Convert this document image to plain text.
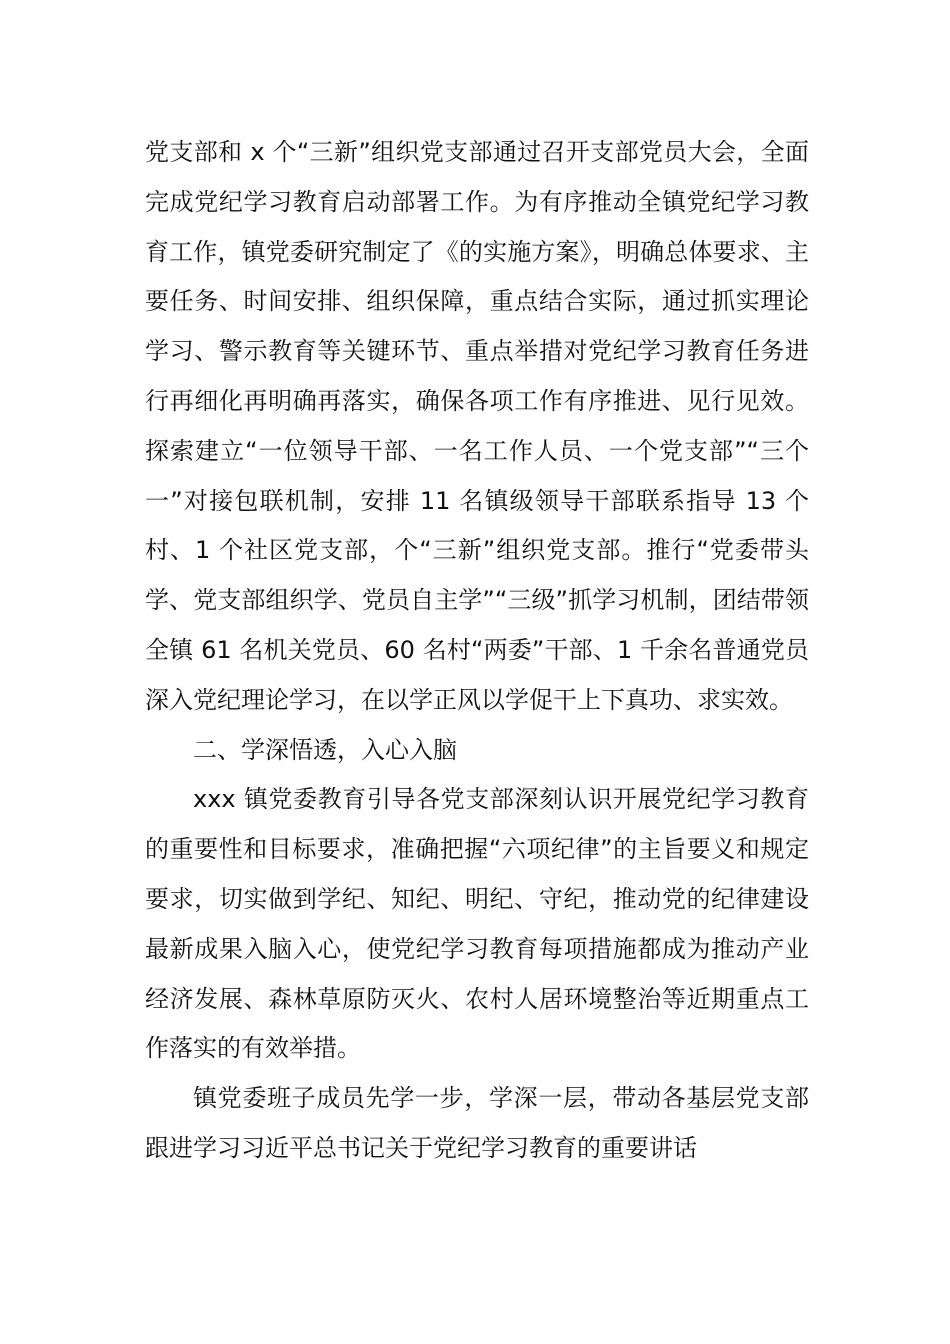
党支部和 x 个“三新”组织党支部通过召开支部党员大会，全面完成党纪学习教育启动部署工作。为有序推动全镇党纪学习教育工作，镇党委研究制定了《的实施方案》，明确总体要求、主要任务、时间安排、组织保障，重点结合实际，通过抓实理论学习、警示教育等关键环节、重点举措对党纪学习教育任务进行再细化再明确再落实，确保各项工作有序推进、见行见效。探索建立“一位领导干部、一名工作人员、一个党支部”“三个一”对接包联机制，安排 11 名镇级领导干部联系指导 13 个村、1 个社区党支部，个“三新”组织党支部。推行“党委带头学、党支部组织学、党员自主学”“三级”抓学习机制，团结带领全镇 61 名机关党员、60 名村“两委”干部、1 千余名普通党员深入党纪理论学习，在以学正风以学促干上下真功、求实效。

二、学深悟透，入心入脑

xxx 镇党委教育引导各党支部深刻认识开展党纪学习教育的重要性和目标要求，准确把握“六项纪律”的主旨要义和规定要求，切实做到学纪、知纪、明纪、守纪，推动党的纪律建设最新成果入脑入心，使党纪学习教育每项措施都成为推动产业经济发展、森林草原防灭火、农村人居环境整治等近期重点工作落实的有效举措。

镇党委班子成员先学一步，学深一层，带动各基层党支部跟进学习习近平总书记关于党纪学习教育的重要讲话
